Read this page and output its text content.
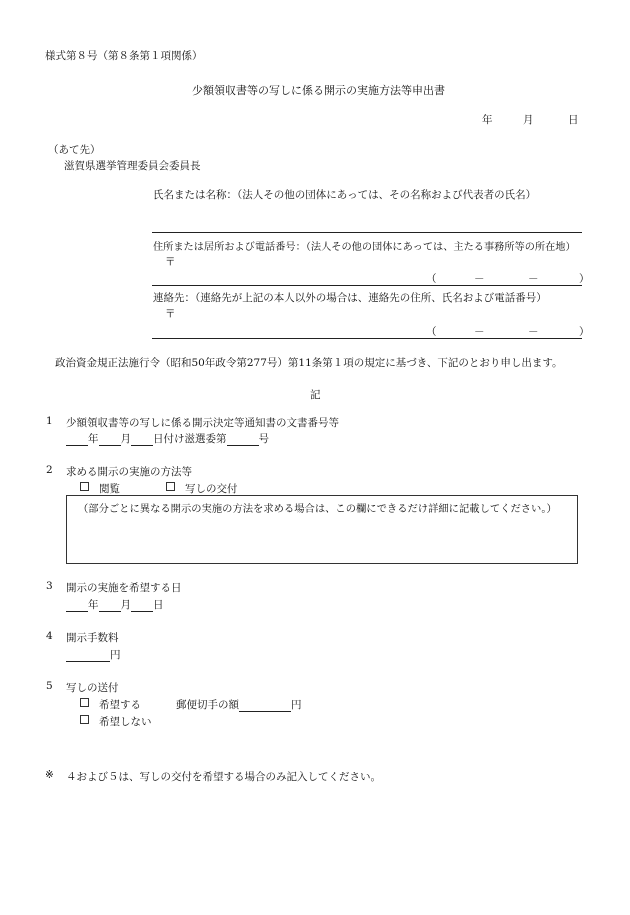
様式第８号（第８条第１項関係）
少額領収書等の写しに係る開示の実施方法等申出書
年	月	日
（あて先）
滋賀県選挙管理委員会委員長
氏名または名称：（法人その他の団体にあっては、その名称および代表者の氏名）
住所または居所および電話番号：（法人その他の団体にあっては、主たる事務所等の所在地）
〒
（	－	－	）
連絡先：（連絡先が上記の本人以外の場合は、連絡先の住所、氏名および電話番号）
〒
（	－	－	）
政治資金規正法施行令（昭和50年政令第277号）第11条第１項の規定に基づき、下記のとおり申し出ます。
記
1 少額領収書等の写しに係る開示決定等通知書の文書番号等
年 月 日付け滋選委第	号
2 求める開示の実施の方法等
閲覧	写しの交付
（部分ごとに異なる開示の実施の方法を求める場合は、この欄にできるだけ詳細に記載してください。）
3 開示の実施を希望する日
年 月 日
4 開示手数料
円
5 写しの送付
希望する	郵便切手の額	円
希望しない
※ ４および５は、写しの交付を希望する場合のみ記入してください。
